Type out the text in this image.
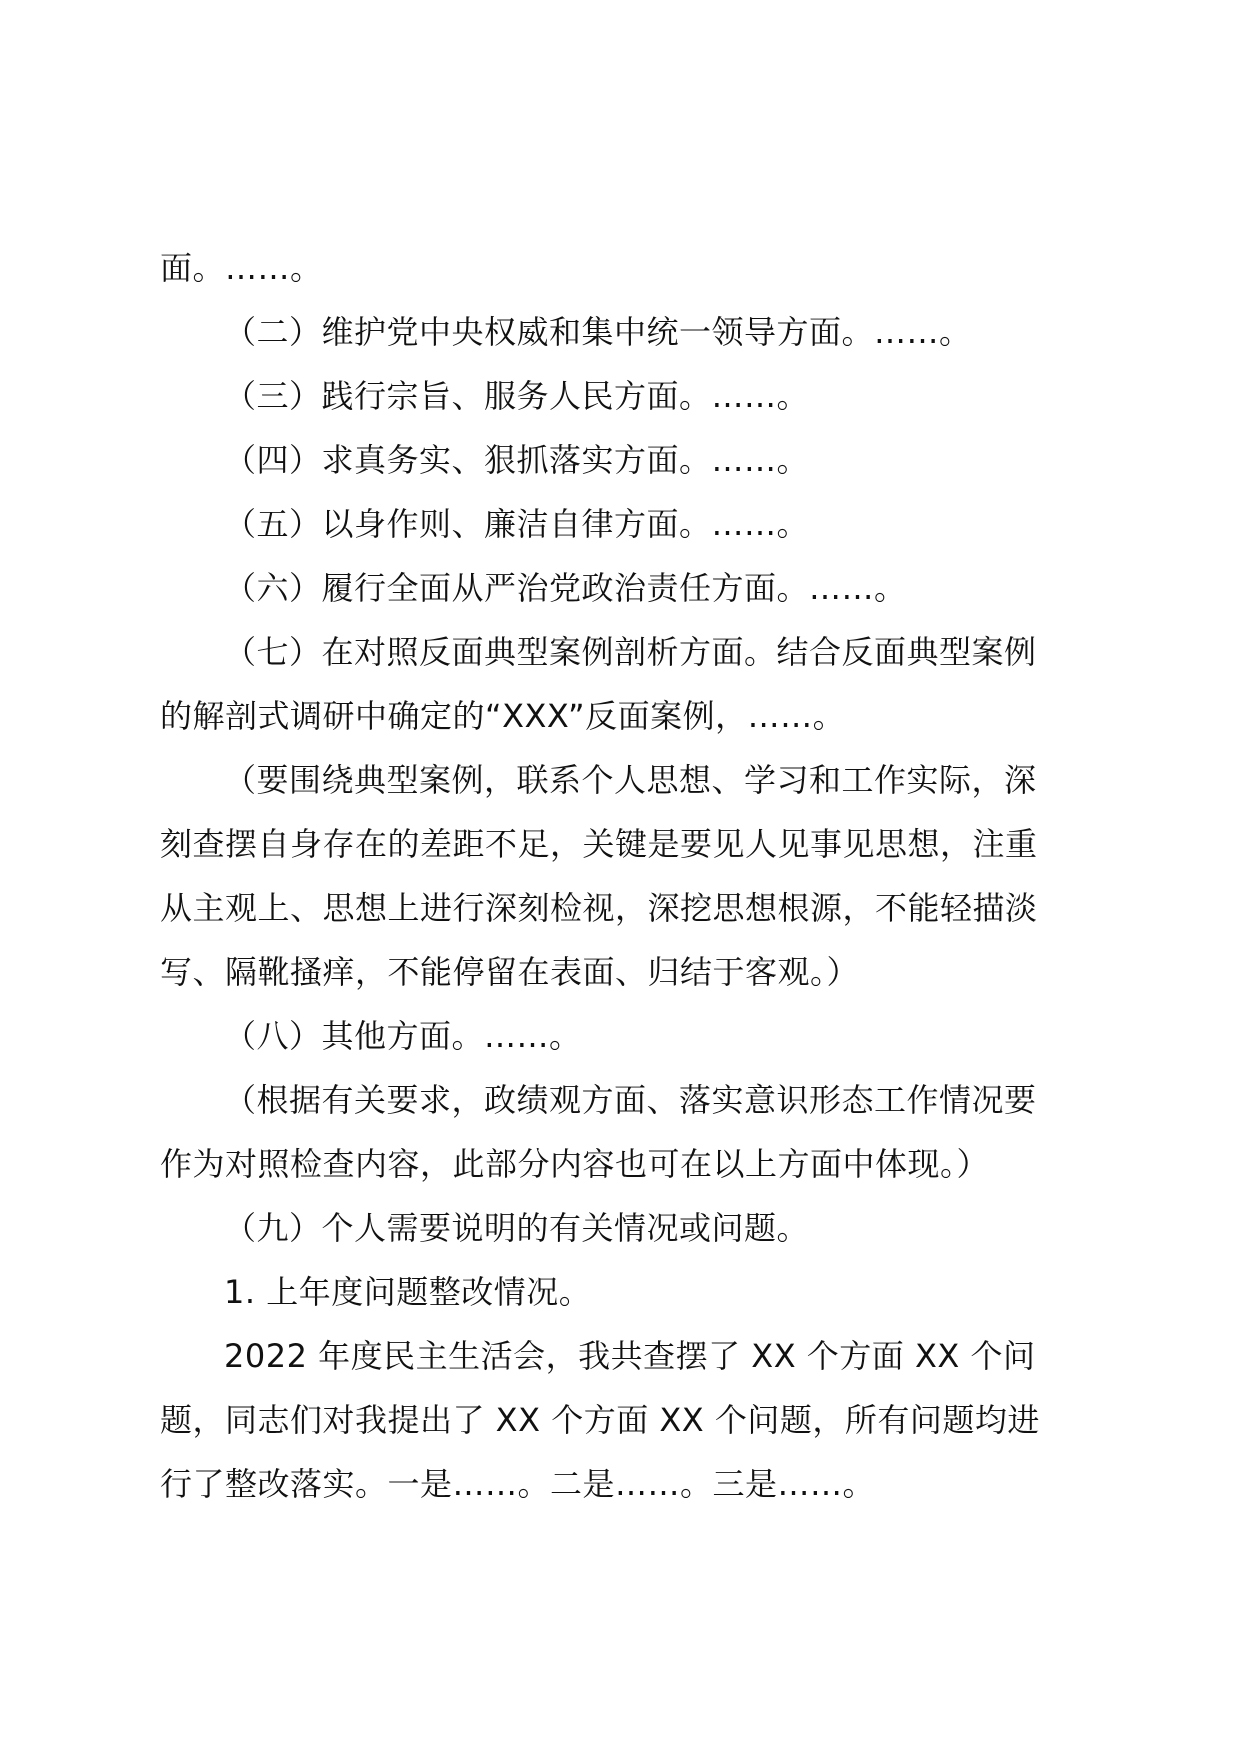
面。……。
（二）维护党中央权威和集中统一领导方面。……。
（三）践行宗旨、服务人民方面。……。
（四）求真务实、狠抓落实方面。……。
（五）以身作则、廉洁自律方面。……。
（六）履行全面从严治党政治责任方面。……。
（七）在对照反面典型案例剖析方面。结合反面典型案例
的解剖式调研中确定的“XXX”反面案例，……。
（要围绕典型案例，联系个人思想、学习和工作实际，深
刻查摆自身存在的差距不足，关键是要见人见事见思想，注重
从主观上、思想上进行深刻检视，深挖思想根源，不能轻描淡
写、隔靴搔痒，不能停留在表面、归结于客观。）
（八）其他方面。……。
（根据有关要求，政绩观方面、落实意识形态工作情况要
作为对照检查内容，此部分内容也可在以上方面中体现。）
（九）个人需要说明的有关情况或问题。
1. 上年度问题整改情况。
2022 年度民主生活会，我共查摆了 XX 个方面 XX 个问
题，同志们对我提出了 XX 个方面 XX 个问题，所有问题均进
行了整改落实。一是……。二是……。三是……。
